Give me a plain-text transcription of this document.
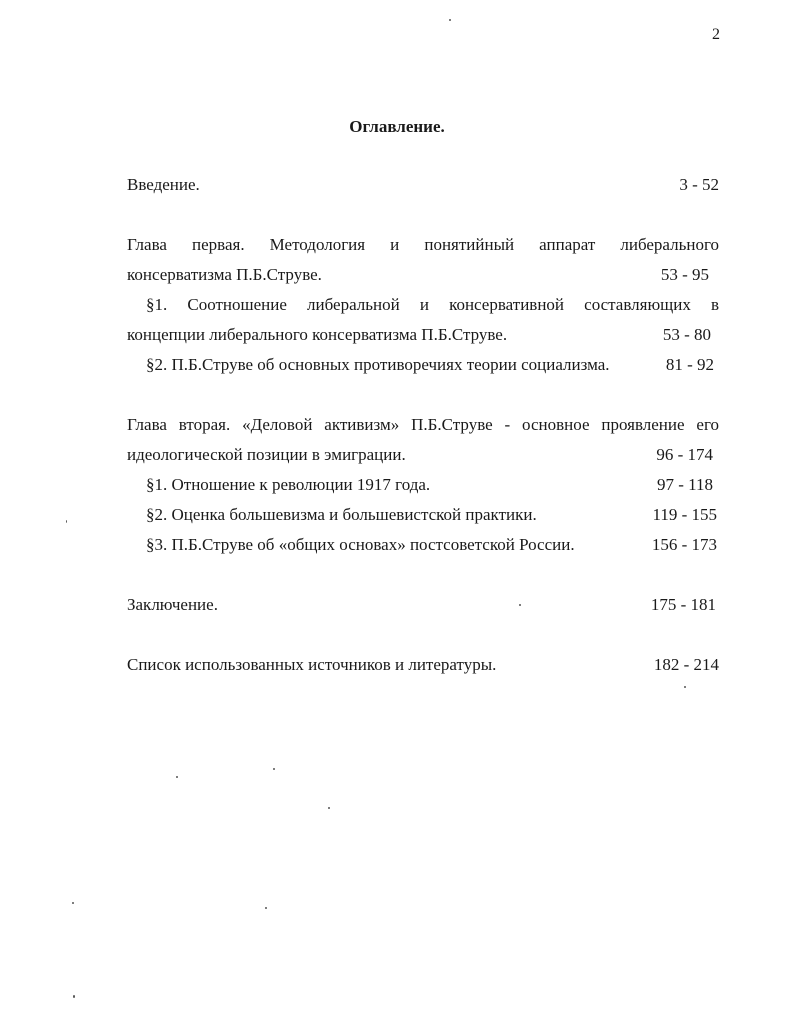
2
Оглавление.
Введение.	3 - 52
Глава первая. Методология и понятийный аппарат либерального
консерватизма П.Б.Струве.	53 - 95
§1. Соотношение либеральной и консервативной составляющих в
концепции либерального консерватизма П.Б.Струве.	53 - 80
§2. П.Б.Струве об основных противоречиях теории социализма.	81 - 92
Глава вторая. «Деловой активизм» П.Б.Струве - основное проявление его
идеологической позиции в эмиграции.	96 - 174
§1. Отношение к революции 1917 года.	97 - 118
§2. Оценка большевизма и большевистской практики.	119 - 155
§3. П.Б.Струве об «общих основах» постсоветской России.	156 - 173
Заключение.	175 - 181
Список использованных источников и литературы.	182 - 214
